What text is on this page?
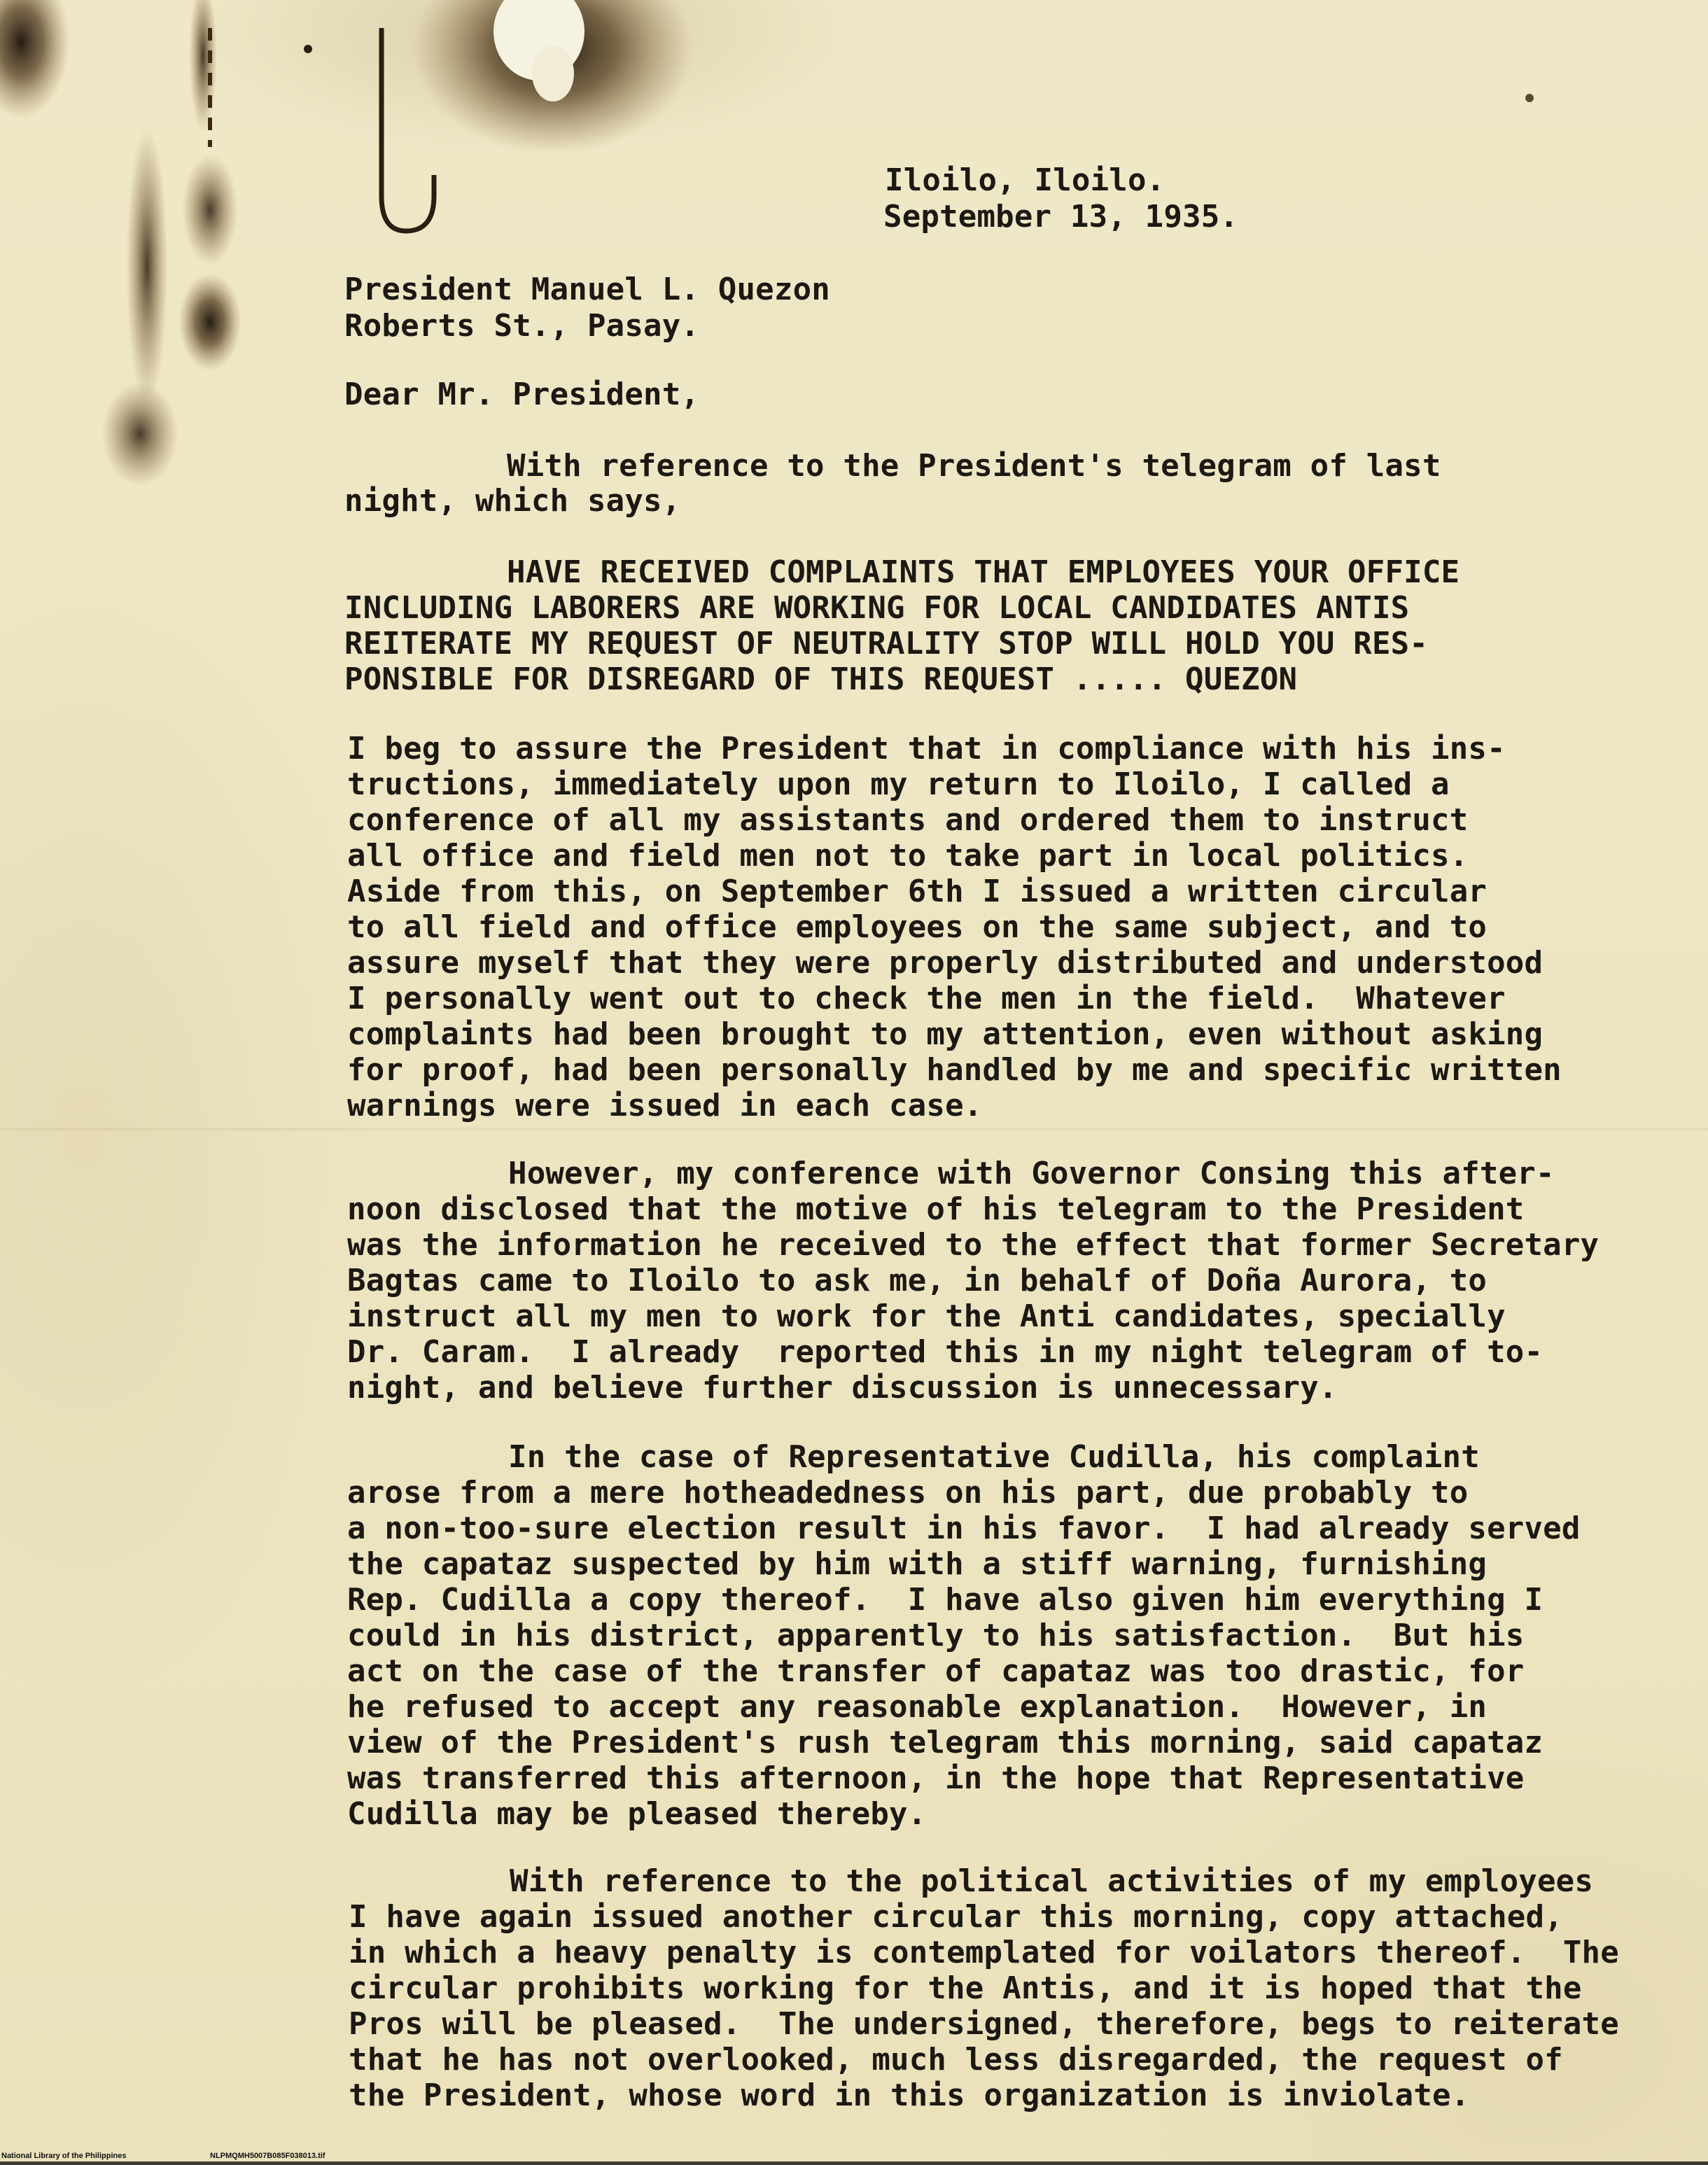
Iloilo, Iloilo.
September 13, 1935.
President Manuel L. Quezon
Roberts St., Pasay.
Dear Mr. President,
With reference to the President's telegram of last
night, which says,
HAVE RECEIVED COMPLAINTS THAT EMPLOYEES YOUR OFFICE
INCLUDING LABORERS ARE WORKING FOR LOCAL CANDIDATES ANTIS
REITERATE MY REQUEST OF NEUTRALITY STOP WILL HOLD YOU RES-
PONSIBLE FOR DISREGARD OF THIS REQUEST ..... QUEZON
I beg to assure the President that in compliance with his ins-
tructions, immediately upon my return to Iloilo, I called a
conference of all my assistants and ordered them to instruct
all office and field men not to take part in local politics.
Aside from this, on September 6th I issued a written circular
to all field and office employees on the same subject, and to
assure myself that they were properly distributed and understood
I personally went out to check the men in the field.  Whatever
complaints had been brought to my attention, even without asking
for proof, had been personally handled by me and specific written
warnings were issued in each case.
However, my conference with Governor Consing this after-
noon disclosed that the motive of his telegram to the President
was the information he received to the effect that former Secretary
Bagtas came to Iloilo to ask me, in behalf of Doña Aurora, to
instruct all my men to work for the Anti candidates, specially
Dr. Caram.  I already  reported this in my night telegram of to-
night, and believe further discussion is unnecessary.
In the case of Representative Cudilla, his complaint
arose from a mere hotheadedness on his part, due probably to
a non-too-sure election result in his favor.  I had already served
the capataz suspected by him with a stiff warning, furnishing
Rep. Cudilla a copy thereof.  I have also given him everything I
could in his district, apparently to his satisfaction.  But his
act on the case of the transfer of capataz was too drastic, for
he refused to accept any reasonable explanation.  However, in
view of the President's rush telegram this morning, said capataz
was transferred this afternoon, in the hope that Representative
Cudilla may be pleased thereby.
With reference to the political activities of my employees
I have again issued another circular this morning, copy attached,
in which a heavy penalty is contemplated for voilators thereof.  The
circular prohibits working for the Antis, and it is hoped that the
Pros will be pleased.  The undersigned, therefore, begs to reiterate
that he has not overlooked, much less disregarded, the request of
the President, whose word in this organization is inviolate.
National Library of the Philippines	NLPMQMH5007B085F038013.tif
